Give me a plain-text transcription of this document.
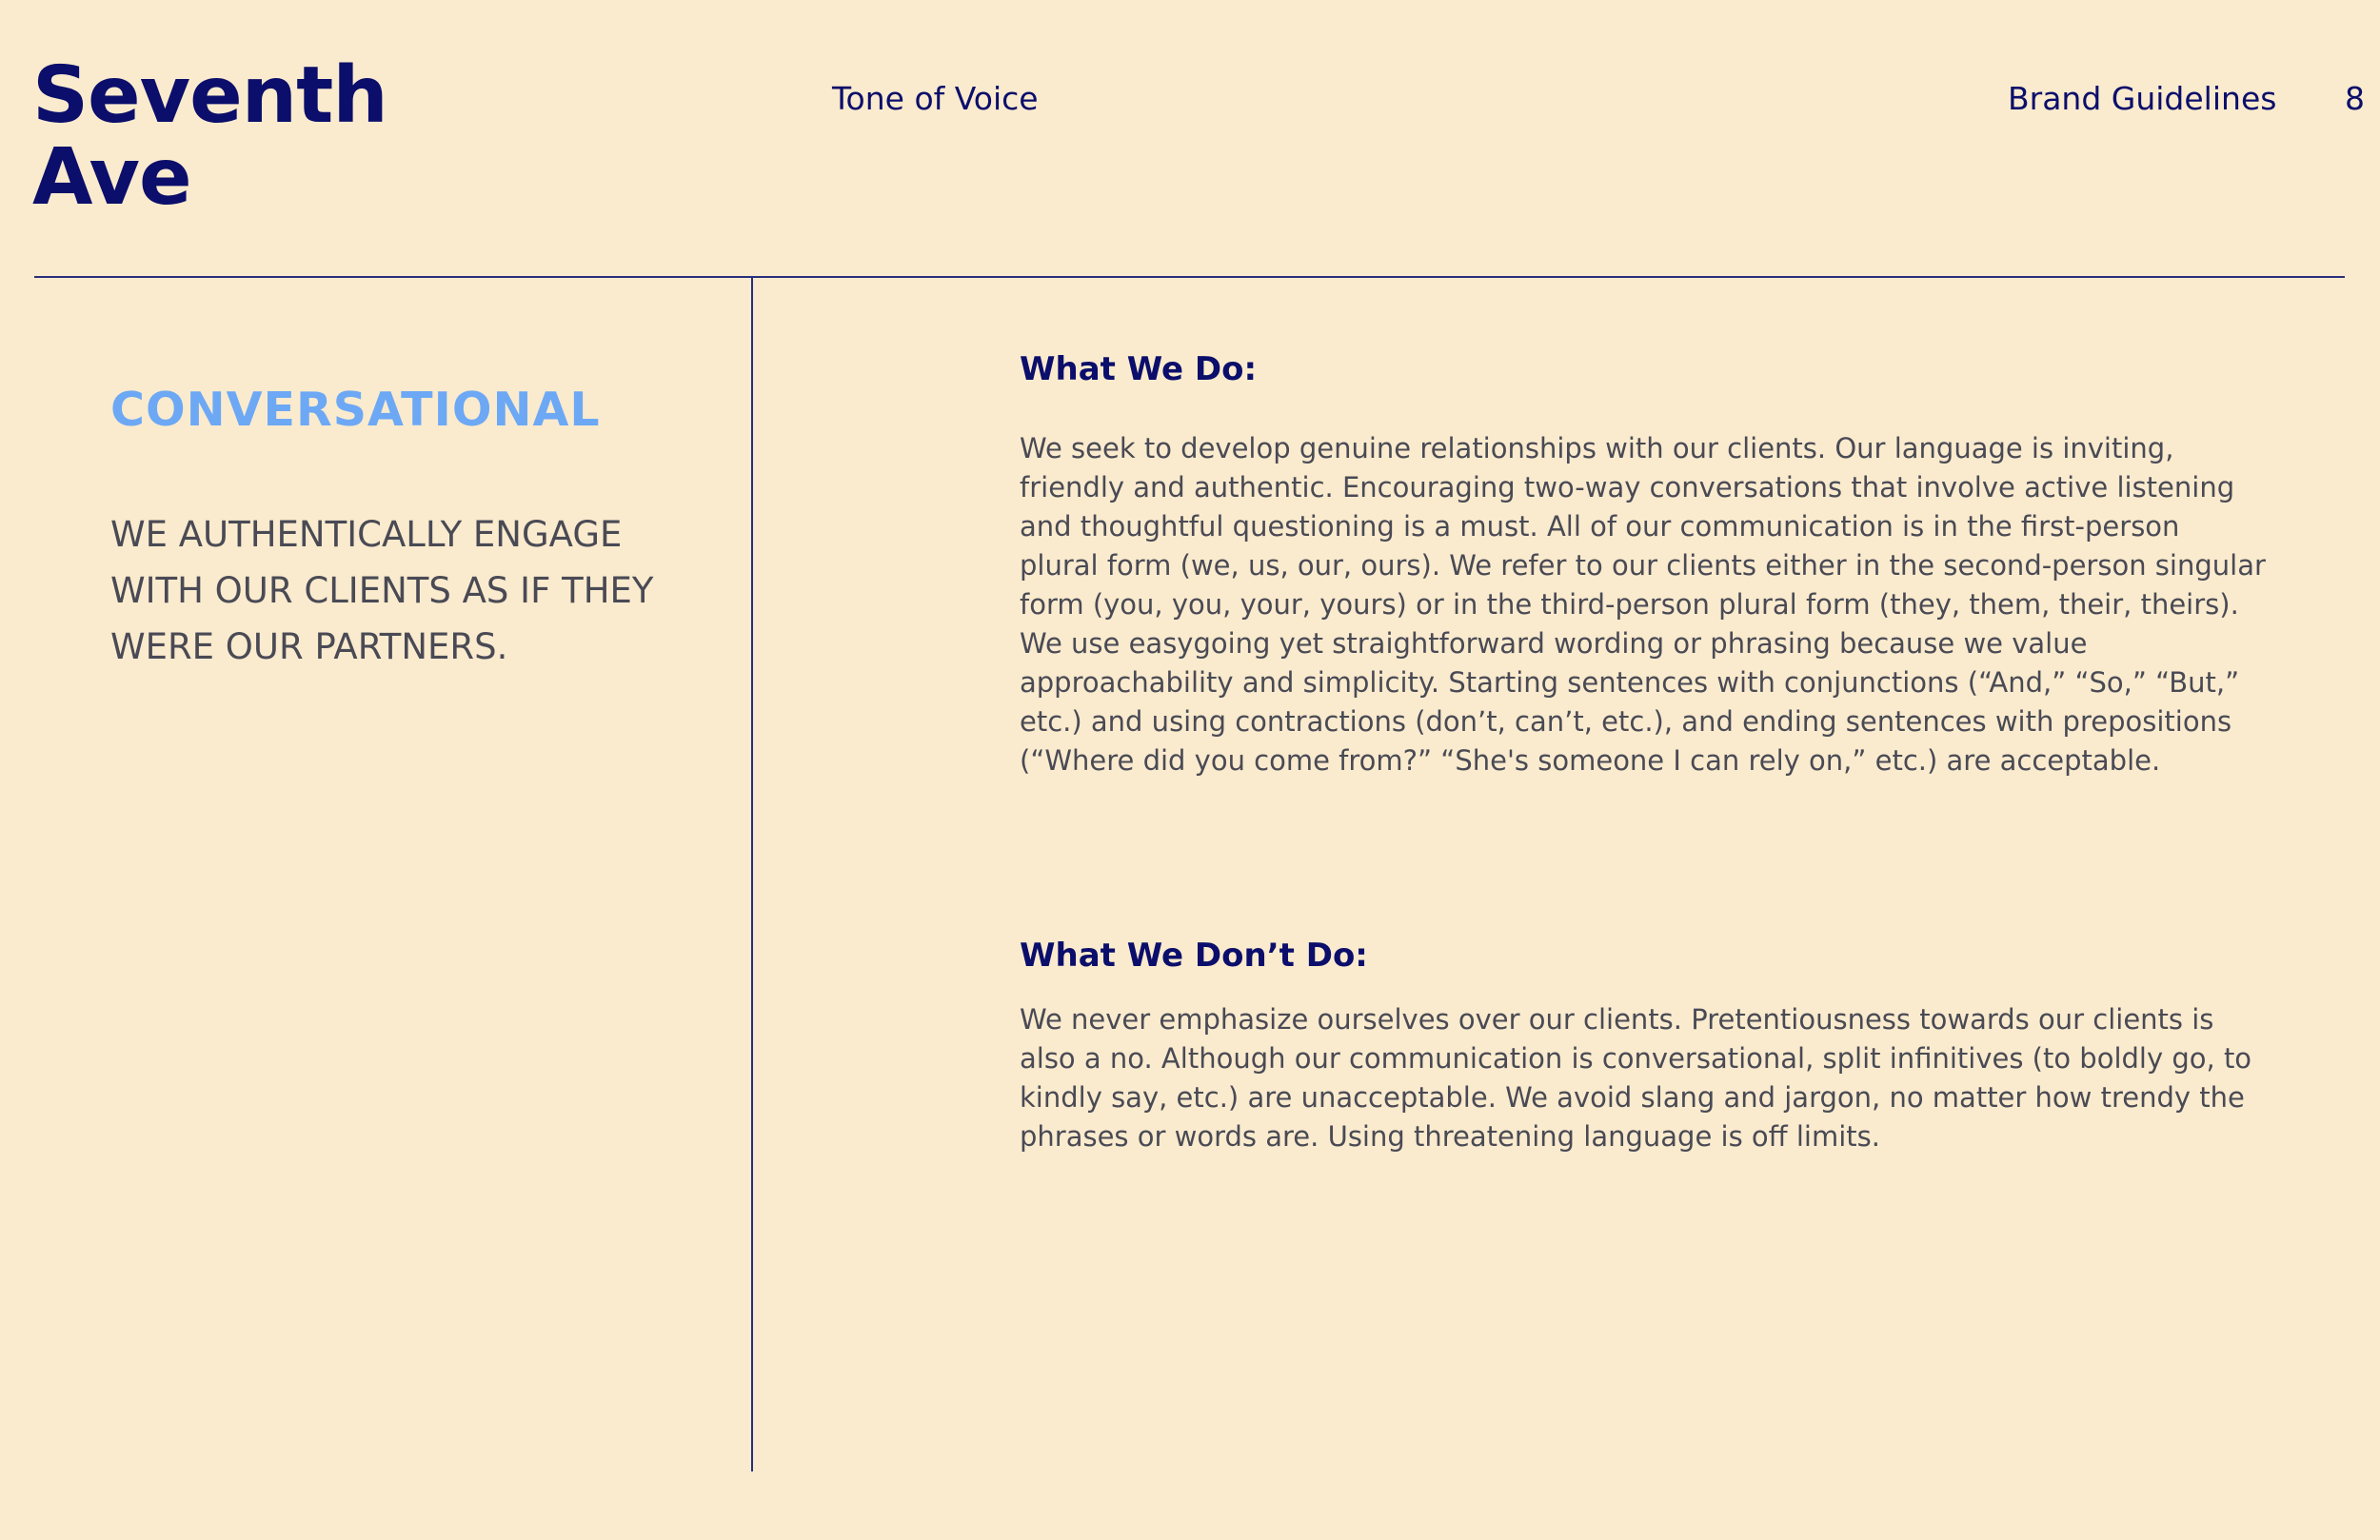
Seventh
Ave
Tone of Voice	Brand Guidelines 8
CONVERSATIONAL

WE AUTHENTICALLY ENGAGE WITH OUR CLIENTS AS IF THEY WERE OUR PARTNERS.

What We Do:

We seek to develop genuine relationships with our clients. Our language is inviting, friendly and authentic. Encouraging two-way conversations that involve active listening and thoughtful questioning is a must. All of our communication is in the first-person plural form (we, us, our, ours). We refer to our clients either in the second-person singular form (you, you, your, yours) or in the third-person plural form (they, them, their, theirs). We use easygoing yet straightforward wording or phrasing because we value approachability and simplicity. Starting sentences with conjunctions (“And,” “So,” “But,” etc.) and using contractions (don’t, can’t, etc.), and ending sentences with prepositions (“Where did you come from?” “She's someone I can rely on,” etc.) are acceptable.

What We Don’t Do:

We never emphasize ourselves over our clients. Pretentiousness towards our clients is also a no. Although our communication is conversational, split infinitives (to boldly go, to kindly say, etc.) are unacceptable. We avoid slang and jargon, no matter how trendy the phrases or words are. Using threatening language is off limits.
